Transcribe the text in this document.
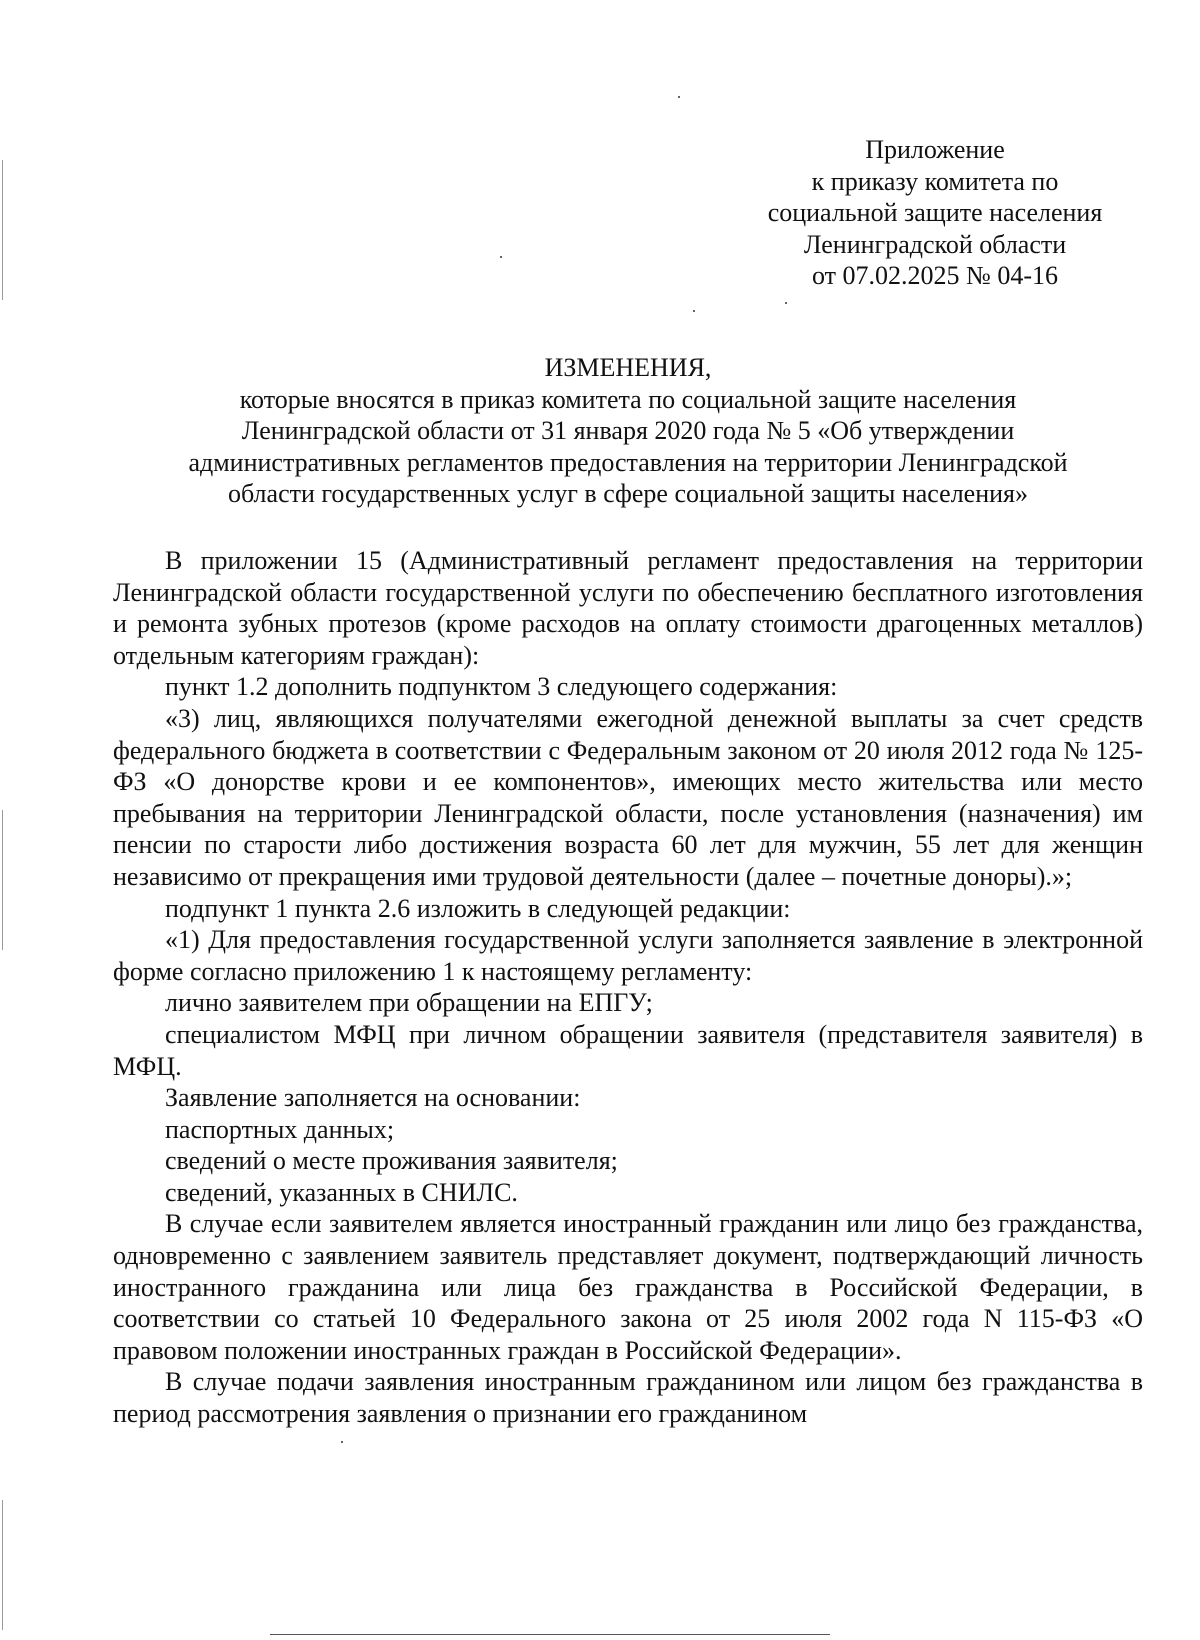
Приложение
к приказу комитета по
социальной защите населения
Ленинградской области
от 07.02.2025 № 04-16
ИЗМЕНЕНИЯ,
которые вносятся в приказ комитета по социальной защите населения
Ленинградской области от 31 января 2020 года № 5 «Об утверждении
административных регламентов предоставления на территории Ленинградской
области государственных услуг в сфере социальной защиты населения»

В приложении 15 (Административный регламент предоставления на территории Ленинградской области государственной услуги по обеспечению бесплатного изготовления и ремонта зубных протезов (кроме расходов на оплату стоимости драгоценных металлов) отдельным категориям граждан):

пункт 1.2 дополнить подпунктом 3 следующего содержания:

«3) лиц, являющихся получателями ежегодной денежной выплаты за счет средств федерального бюджета в соответствии с Федеральным законом от 20 июля 2012 года № 125-ФЗ «О донорстве крови и ее компонентов», имеющих место жительства или место пребывания на территории Ленинградской области, после установления (назначения) им пенсии по старости либо достижения возраста 60 лет для мужчин, 55 лет для женщин независимо от прекращения ими трудовой деятельности (далее – почетные доноры).»;

подпункт 1 пункта 2.6 изложить в следующей редакции:

«1) Для предоставления государственной услуги заполняется заявление в электронной форме согласно приложению 1 к настоящему регламенту:

лично заявителем при обращении на ЕПГУ;

специалистом МФЦ при личном обращении заявителя (представителя заявителя) в МФЦ.

Заявление заполняется на основании:

паспортных данных;

сведений о месте проживания заявителя;

сведений, указанных в СНИЛС.

В случае если заявителем является иностранный гражданин или лицо без гражданства, одновременно с заявлением заявитель представляет документ, подтверждающий личность иностранного гражданина или лица без гражданства в Российской Федерации, в соответствии со статьей 10 Федерального закона от 25 июля 2002 года N 115-ФЗ «О правовом положении иностранных граждан в Российской Федерации».

В случае подачи заявления иностранным гражданином или лицом без гражданства в период рассмотрения заявления о признании его гражданином
